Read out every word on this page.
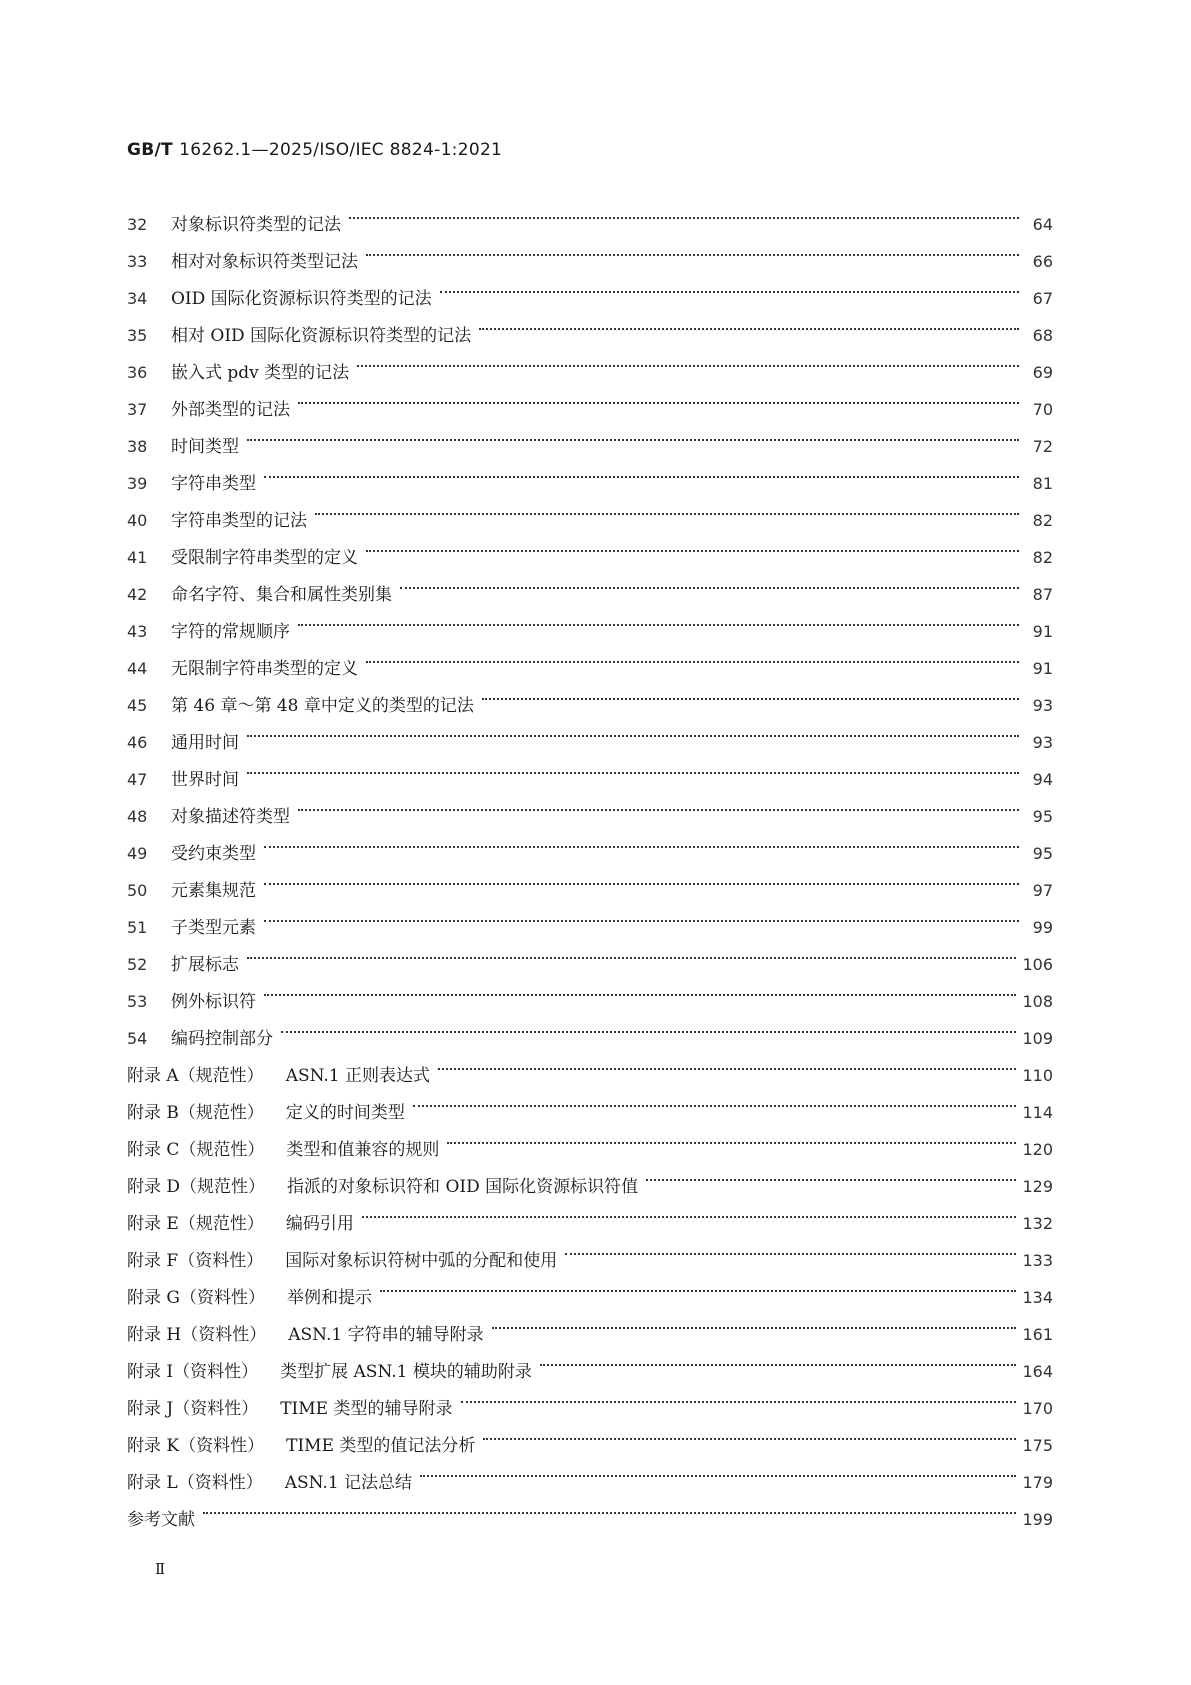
GB/T 16262.1—2025/ISO/IEC 8824-1:2021
32	对象标识符类型的记法	64
33	相对对象标识符类型记法	66
34	OID 国际化资源标识符类型的记法	67
35	相对 OID 国际化资源标识符类型的记法	68
36	嵌入式 pdv 类型的记法	69
37	外部类型的记法	70
38	时间类型	72
39	字符串类型	81
40	字符串类型的记法	82
41	受限制字符串类型的定义	82
42	命名字符、集合和属性类别集	87
43	字符的常规顺序	91
44	无限制字符串类型的定义	91
45	第 46 章～第 48 章中定义的类型的记法	93
46	通用时间	93
47	世界时间	94
48	对象描述符类型	95
49	受约束类型	95
50	元素集规范	97
51	子类型元素	99
52	扩展标志	106
53	例外标识符	108
54	编码控制部分	109
附录 A（规范性）	ASN.1 正则表达式	110
附录 B（规范性）	定义的时间类型	114
附录 C（规范性）	类型和值兼容的规则	120
附录 D（规范性）	指派的对象标识符和 OID 国际化资源标识符值	129
附录 E（规范性）	编码引用	132
附录 F（资料性）	国际对象标识符树中弧的分配和使用	133
附录 G（资料性）	举例和提示	134
附录 H（资料性）	ASN.1 字符串的辅导附录	161
附录 I（资料性）	类型扩展 ASN.1 模块的辅助附录	164
附录 J（资料性）	TIME 类型的辅导附录	170
附录 K（资料性）	TIME 类型的值记法分析	175
附录 L（资料性）	ASN.1 记法总结	179
参考文献	199
Ⅱ
